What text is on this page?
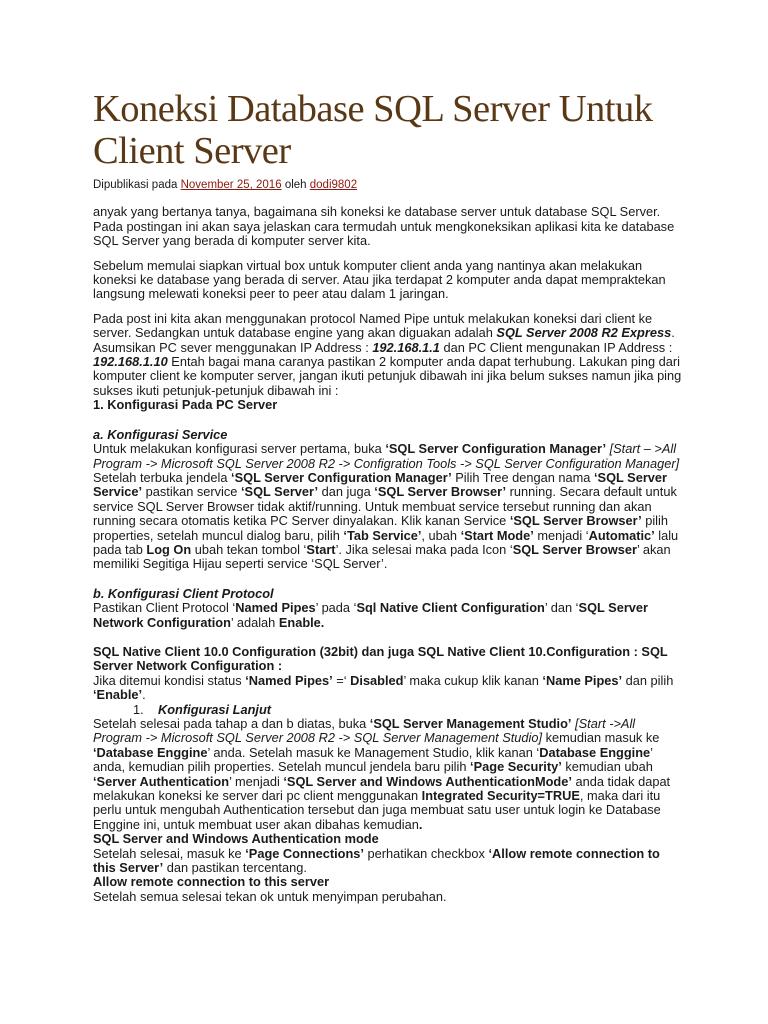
Koneksi Database SQL Server Untuk Client Server
Dipublikasi pada November 25, 2016 oleh dodi9802

anyak yang bertanya tanya, bagaimana sih koneksi ke database server untuk database SQL Server. Pada postingan ini akan saya jelaskan cara termudah untuk mengkoneksikan aplikasi kita ke database SQL Server yang berada di komputer server kita.

Sebelum memulai siapkan virtual box untuk komputer client anda yang nantinya akan melakukan koneksi ke database yang berada di server. Atau jika terdapat 2 komputer anda dapat mempraktekan langsung melewati koneksi peer to peer atau dalam 1 jaringan.

Pada post ini kita akan menggunakan protocol Named Pipe untuk melakukan koneksi dari client ke server. Sedangkan untuk database engine yang akan diguakan adalah SQL Server 2008 R2 Express. Asumsikan PC sever menggunakan IP Address : 192.168.1.1 dan PC Client mengunakan IP Address : 192.168.1.10 Entah bagai mana caranya pastikan 2 komputer anda dapat terhubung. Lakukan ping dari komputer client ke komputer server, jangan ikuti petunjuk dibawah ini jika belum sukses namun jika ping sukses ikuti petunjuk-petunjuk dibawah ini :

1. Konfigurasi Pada PC Server

a. Konfigurasi Service

Untuk melakukan konfigurasi server pertama, buka ‘SQL Server Configuration Manager’ [Start – >All Program -> Microsoft SQL Server 2008 R2 -> Configration Tools -> SQL Server Configuration Manager]

Setelah terbuka jendela ‘SQL Server Configuration Manager’ Pilih Tree dengan nama ‘SQL Server Service’ pastikan service ‘SQL Server’ dan juga ‘SQL Server Browser’ running. Secara default untuk service SQL Server Browser tidak aktif/running. Untuk membuat service tersebut running dan akan running secara otomatis ketika PC Server dinyalakan. Klik kanan Service ‘SQL Server Browser’ pilih properties, setelah muncul dialog baru, pilih ‘Tab Service’, ubah ‘Start Mode’ menjadi ‘Automatic’ lalu pada tab Log On ubah tekan tombol ‘Start’. Jika selesai maka pada Icon ‘SQL Server Browser’ akan memiliki Segitiga Hijau seperti service ‘SQL Server’.

b. Konfigurasi Client Protocol

Pastikan Client Protocol ‘Named Pipes’ pada ‘Sql Native Client Configuration’ dan ‘SQL Server Network Configuration’ adalah Enable.

SQL Native Client 10.0 Configuration (32bit) dan juga SQL Native Client 10.Configuration : SQL Server Network Configuration :

Jika ditemui kondisi status ‘Named Pipes’ =‘ Disabled’ maka cukup klik kanan ‘Name Pipes’ dan pilih ‘Enable’.

1. Konfigurasi Lanjut

Setelah selesai pada tahap a dan b diatas, buka ‘SQL Server Management Studio’ [Start ->All Program -> Microsoft SQL Server 2008 R2 -> SQL Server Management Studio] kemudian masuk ke ‘Database Enggine’ anda. Setelah masuk ke Management Studio, klik kanan ‘Database Enggine’ anda, kemudian pilih properties. Setelah muncul jendela baru pilih ‘Page Security’ kemudian ubah ‘Server Authentication’ menjadi ‘SQL Server and Windows AuthenticationMode’ anda tidak dapat melakukan koneksi ke server dari pc client menggunakan Integrated Security=TRUE, maka dari itu perlu untuk mengubah Authentication tersebut dan juga membuat satu user untuk login ke Database Enggine ini, untuk membuat user akan dibahas kemudian.

SQL Server and Windows Authentication mode

Setelah selesai, masuk ke ‘Page Connections’ perhatikan checkbox ‘Allow remote connection to this Server’ dan pastikan tercentang.

Allow remote connection to this server

Setelah semua selesai tekan ok untuk menyimpan perubahan.
